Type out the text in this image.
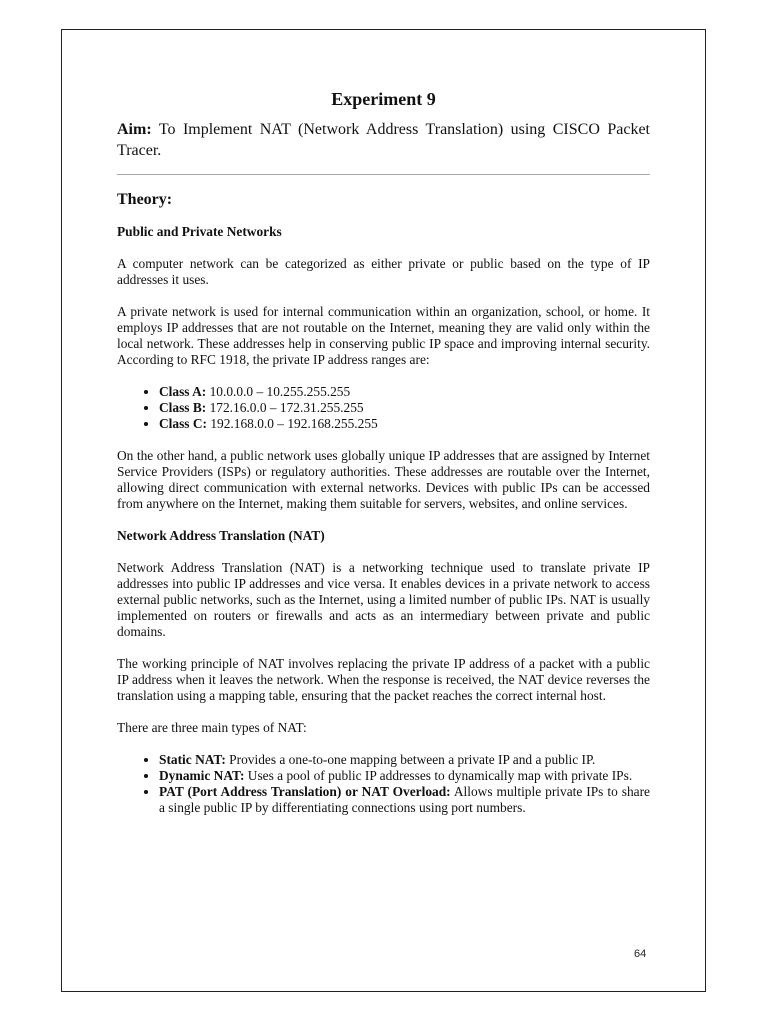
Experiment 9

Aim: To Implement NAT (Network Address Translation) using CISCO Packet Tracer.

Theory:
Public and Private Networks

A computer network can be categorized as either private or public based on the type of IP addresses it uses.

A private network is used for internal communication within an organization, school, or home. It employs IP addresses that are not routable on the Internet, meaning they are valid only within the local network. These addresses help in conserving public IP space and improving internal security. According to RFC 1918, the private IP address ranges are:

• Class A: 10.0.0.0 – 10.255.255.255
• Class B: 172.16.0.0 – 172.31.255.255
• Class C: 192.168.0.0 – 192.168.255.255

On the other hand, a public network uses globally unique IP addresses that are assigned by Internet Service Providers (ISPs) or regulatory authorities. These addresses are routable over the Internet, allowing direct communication with external networks. Devices with public IPs can be accessed from anywhere on the Internet, making them suitable for servers, websites, and online services.

Network Address Translation (NAT)

Network Address Translation (NAT) is a networking technique used to translate private IP addresses into public IP addresses and vice versa. It enables devices in a private network to access external public networks, such as the Internet, using a limited number of public IPs. NAT is usually implemented on routers or firewalls and acts as an intermediary between private and public domains.

The working principle of NAT involves replacing the private IP address of a packet with a public IP address when it leaves the network. When the response is received, the NAT device reverses the translation using a mapping table, ensuring that the packet reaches the correct internal host.

There are three main types of NAT:

• Static NAT: Provides a one-to-one mapping between a private IP and a public IP.
• Dynamic NAT: Uses a pool of public IP addresses to dynamically map with private IPs.
• PAT (Port Address Translation) or NAT Overload: Allows multiple private IPs to share a single public IP by differentiating connections using port numbers.
64
